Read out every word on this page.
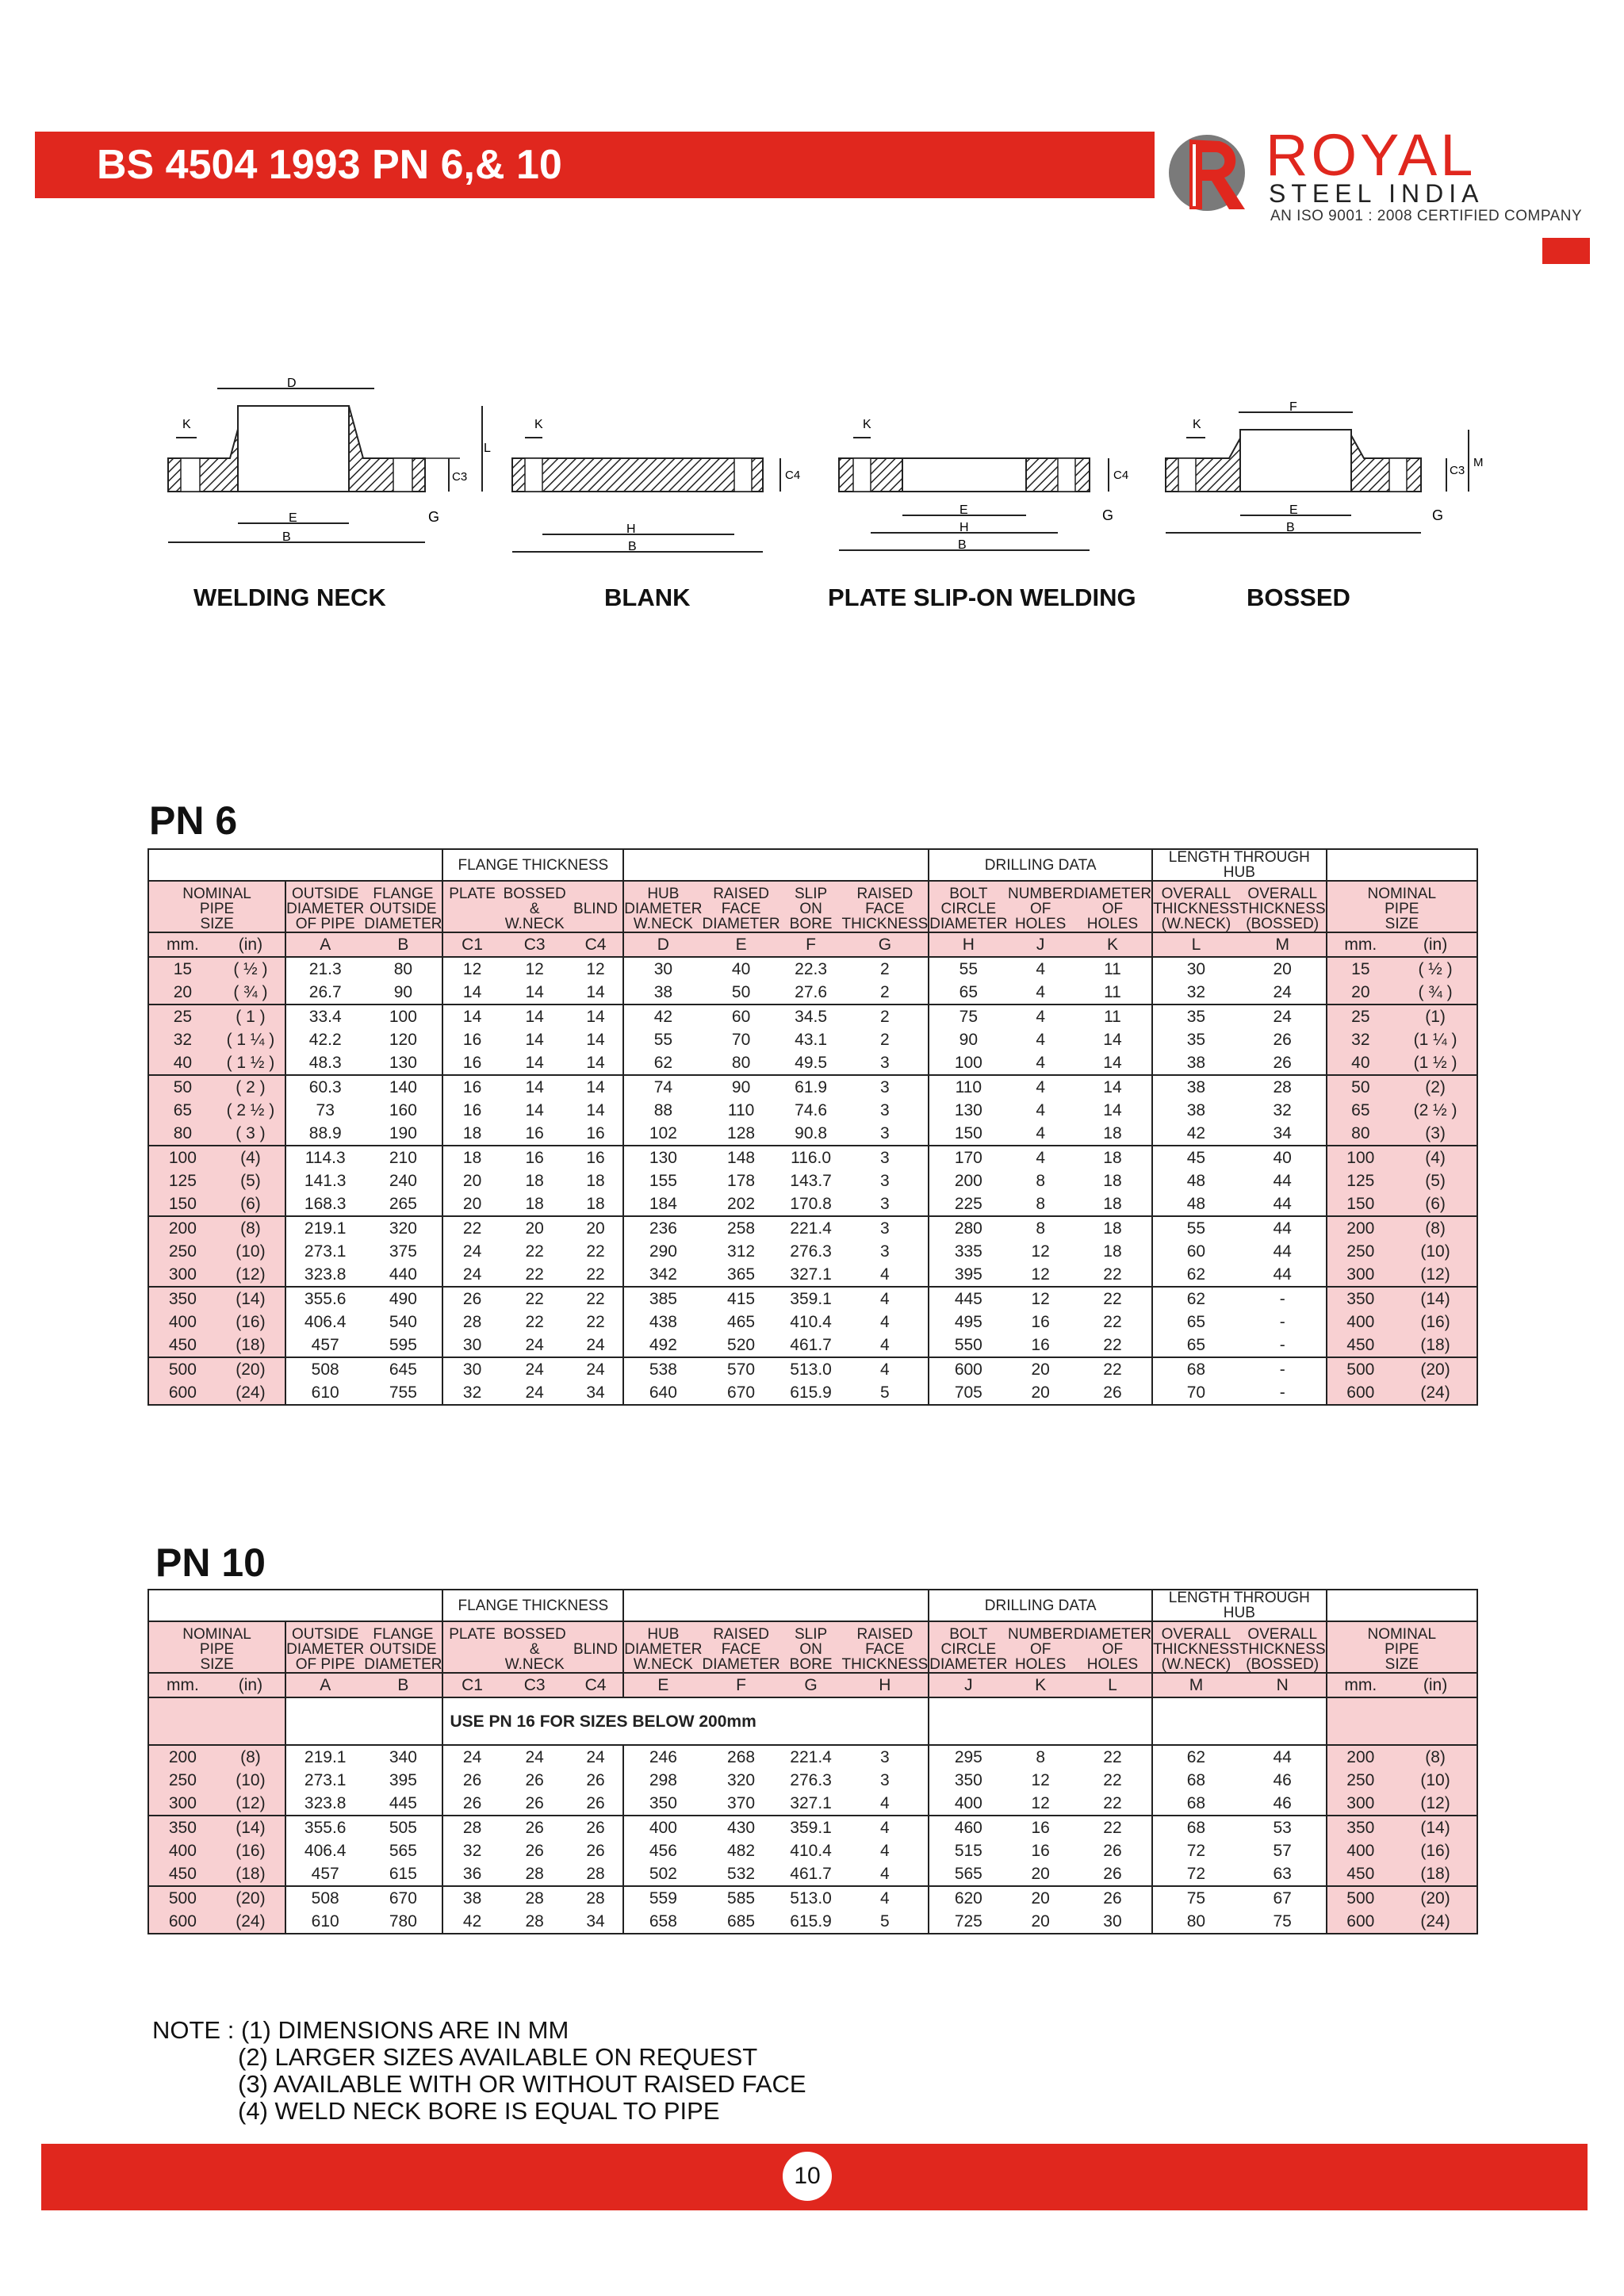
BS 4504 1993 PN 6,& 10	ROYAL
STEEL INDIA
AN ISO 9001 : 2008 CERTIFIED COMPANY
D
K
L
C3
G
E
B
WELDING NECK
K
C4
H
B
BLANK
K
C4
G
E
H
B
PLATE SLIP-ON WELDING
F
K
M
C3
G
E
B
BOSSED
PN 6
				FLANGE THICKNESS							DRILLING DATA			LENGTH THROUGH HUB			
NOMINAL
PIPE
SIZE		OUTSIDE
DIAMETER
OF PIPE	FLANGE
OUTSIDE
DIAMETER	PLATE	BOSSED
&
W.NECK	BLIND	HUB
DIAMETER
W.NECK	RAISED
FACE
DIAMETER	SLIP
ON
BORE	RAISED
FACE
THICKNESS	BOLT
CIRCLE
DIAMETER	NUMBER
OF
HOLES	DIAMETER
OF
HOLES	OVERALL
THICKNESS
(W.NECK)	OVERALL
THICKNESS
(BOSSED)	NOMINAL
PIPE
SIZE	
mm.	(in)	A	B	C1	C3	C4	D	E	F	G	H	J	K	L	M	mm.	(in)
15	( ½ )	21.3	80	12	12	12	30	40	22.3	2	55	4	11	30	20	15	( ½ )
20	( ¾ )	26.7	90	14	14	14	38	50	27.6	2	65	4	11	32	24	20	( ¾ )
25	( 1 )	33.4	100	14	14	14	42	60	34.5	2	75	4	11	35	24	25	(1)
32	( 1 ¼ )	42.2	120	16	14	14	55	70	43.1	2	90	4	14	35	26	32	(1 ¼ )
40	( 1 ½ )	48.3	130	16	14	14	62	80	49.5	3	100	4	14	38	26	40	(1 ½ )
50	( 2 )	60.3	140	16	14	14	74	90	61.9	3	110	4	14	38	28	50	(2)
65	( 2 ½ )	73	160	16	14	14	88	110	74.6	3	130	4	14	38	32	65	(2 ½ )
80	( 3 )	88.9	190	18	16	16	102	128	90.8	3	150	4	18	42	34	80	(3)
100	(4)	114.3	210	18	16	16	130	148	116.0	3	170	4	18	45	40	100	(4)
125	(5)	141.3	240	20	18	18	155	178	143.7	3	200	8	18	48	44	125	(5)
150	(6)	168.3	265	20	18	18	184	202	170.8	3	225	8	18	48	44	150	(6)
200	(8)	219.1	320	22	20	20	236	258	221.4	3	280	8	18	55	44	200	(8)
250	(10)	273.1	375	24	22	22	290	312	276.3	3	335	12	18	60	44	250	(10)
300	(12)	323.8	440	24	22	22	342	365	327.1	4	395	12	22	62	44	300	(12)
350	(14)	355.6	490	26	22	22	385	415	359.1	4	445	12	22	62	-	350	(14)
400	(16)	406.4	540	28	22	22	438	465	410.4	4	495	16	22	65	-	400	(16)
450	(18)	457	595	30	24	24	492	520	461.7	4	550	16	22	65	-	450	(18)
500	(20)	508	645	30	24	24	538	570	513.0	4	600	20	22	68	-	500	(20)
600	(24)	610	755	32	24	34	640	670	615.9	5	705	20	26	70	-	600	(24)
PN 10
				FLANGE THICKNESS							DRILLING DATA			LENGTH THROUGH HUB			
NOMINAL
PIPE
SIZE		OUTSIDE
DIAMETER
OF PIPE	FLANGE
OUTSIDE
DIAMETER	PLATE	BOSSED
&
W.NECK	BLIND	HUB
DIAMETER
W.NECK	RAISED
FACE
DIAMETER	SLIP
ON
BORE	RAISED
FACE
THICKNESS	BOLT
CIRCLE
DIAMETER	NUMBER
OF
HOLES	DIAMETER
OF
HOLES	OVERALL
THICKNESS
(W.NECK)	OVERALL
THICKNESS
(BOSSED)	NOMINAL
PIPE
SIZE	
mm.	(in)	A	B	C1	C3	C4	E	F	G	H	J	K	L	M	N	mm.	(in)
				USE PN 16 FOR SIZES BELOW 200mm													
200	(8)	219.1	340	24	24	24	246	268	221.4	3	295	8	22	62	44	200	(8)
250	(10)	273.1	395	26	26	26	298	320	276.3	3	350	12	22	68	46	250	(10)
300	(12)	323.8	445	26	26	26	350	370	327.1	4	400	12	22	68	46	300	(12)
350	(14)	355.6	505	28	26	26	400	430	359.1	4	460	16	22	68	53	350	(14)
400	(16)	406.4	565	32	26	26	456	482	410.4	4	515	16	26	72	57	400	(16)
450	(18)	457	615	36	28	28	502	532	461.7	4	565	20	26	72	63	450	(18)
500	(20)	508	670	38	28	28	559	585	513.0	4	620	20	26	75	67	500	(20)
600	(24)	610	780	42	28	34	658	685	615.9	5	725	20	30	80	75	600	(24)
NOTE : (1) DIMENSIONS ARE IN MM
(2) LARGER SIZES AVAILABLE ON REQUEST
(3) AVAILABLE WITH OR WITHOUT RAISED FACE
(4) WELD NECK BORE IS EQUAL TO PIPE
10
